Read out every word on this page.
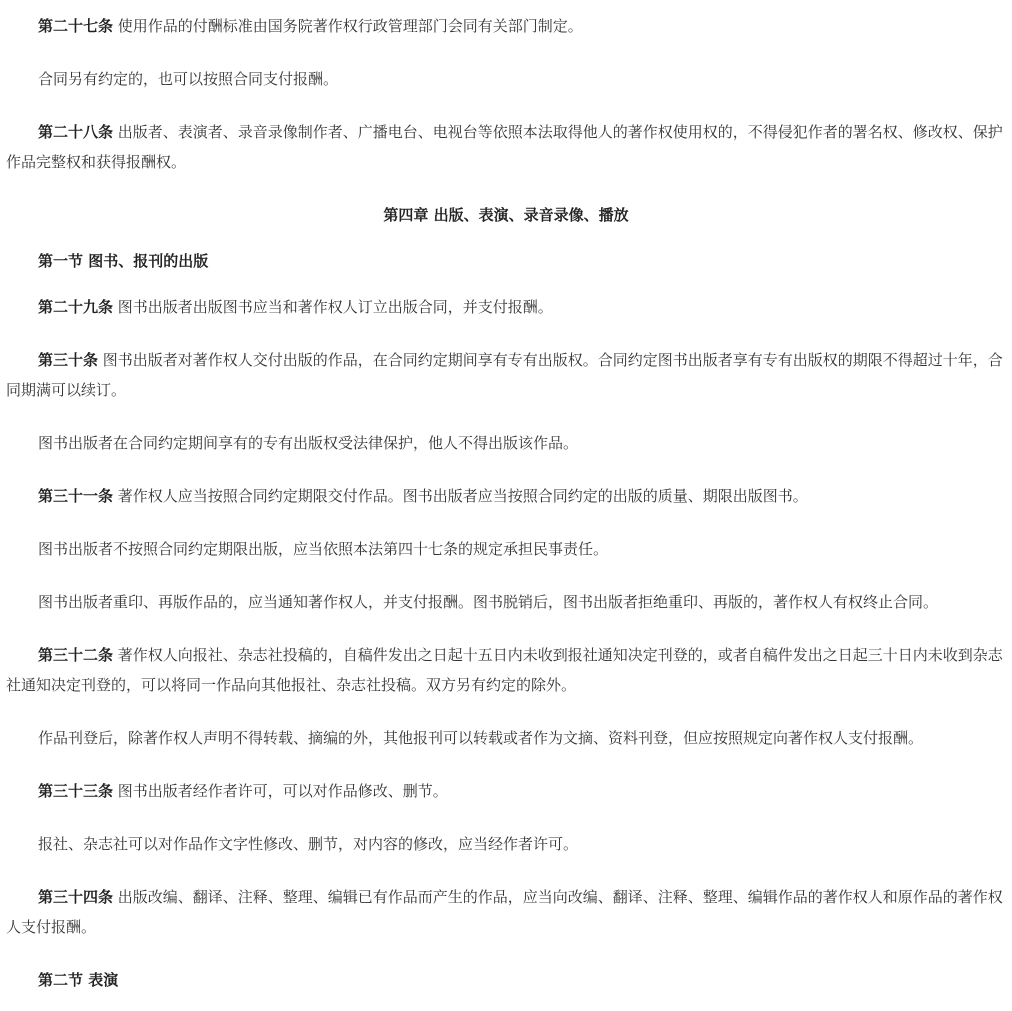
第二十七条 使用作品的付酬标准由国务院著作权行政管理部门会同有关部门制定。

合同另有约定的，也可以按照合同支付报酬。

第二十八条 出版者、表演者、录音录像制作者、广播电台、电视台等依照本法取得他人的著作权使用权的，不得侵犯作者的署名权、修改权、保护作品完整权和获得报酬权。

第四章 出版、表演、录音录像、播放

第一节 图书、报刊的出版

第二十九条 图书出版者出版图书应当和著作权人订立出版合同，并支付报酬。

第三十条 图书出版者对著作权人交付出版的作品，在合同约定期间享有专有出版权。合同约定图书出版者享有专有出版权的期限不得超过十年，合同期满可以续订。

图书出版者在合同约定期间享有的专有出版权受法律保护，他人不得出版该作品。

第三十一条 著作权人应当按照合同约定期限交付作品。图书出版者应当按照合同约定的出版的质量、期限出版图书。

图书出版者不按照合同约定期限出版，应当依照本法第四十七条的规定承担民事责任。

图书出版者重印、再版作品的，应当通知著作权人，并支付报酬。图书脱销后，图书出版者拒绝重印、再版的，著作权人有权终止合同。

第三十二条 著作权人向报社、杂志社投稿的，自稿件发出之日起十五日内未收到报社通知决定刊登的，或者自稿件发出之日起三十日内未收到杂志社通知决定刊登的，可以将同一作品向其他报社、杂志社投稿。双方另有约定的除外。

作品刊登后，除著作权人声明不得转载、摘编的外，其他报刊可以转载或者作为文摘、资料刊登，但应按照规定向著作权人支付报酬。

第三十三条 图书出版者经作者许可，可以对作品修改、删节。

报社、杂志社可以对作品作文字性修改、删节，对内容的修改，应当经作者许可。

第三十四条 出版改编、翻译、注释、整理、编辑已有作品而产生的作品，应当向改编、翻译、注释、整理、编辑作品的著作权人和原作品的著作权人支付报酬。

第二节 表演
